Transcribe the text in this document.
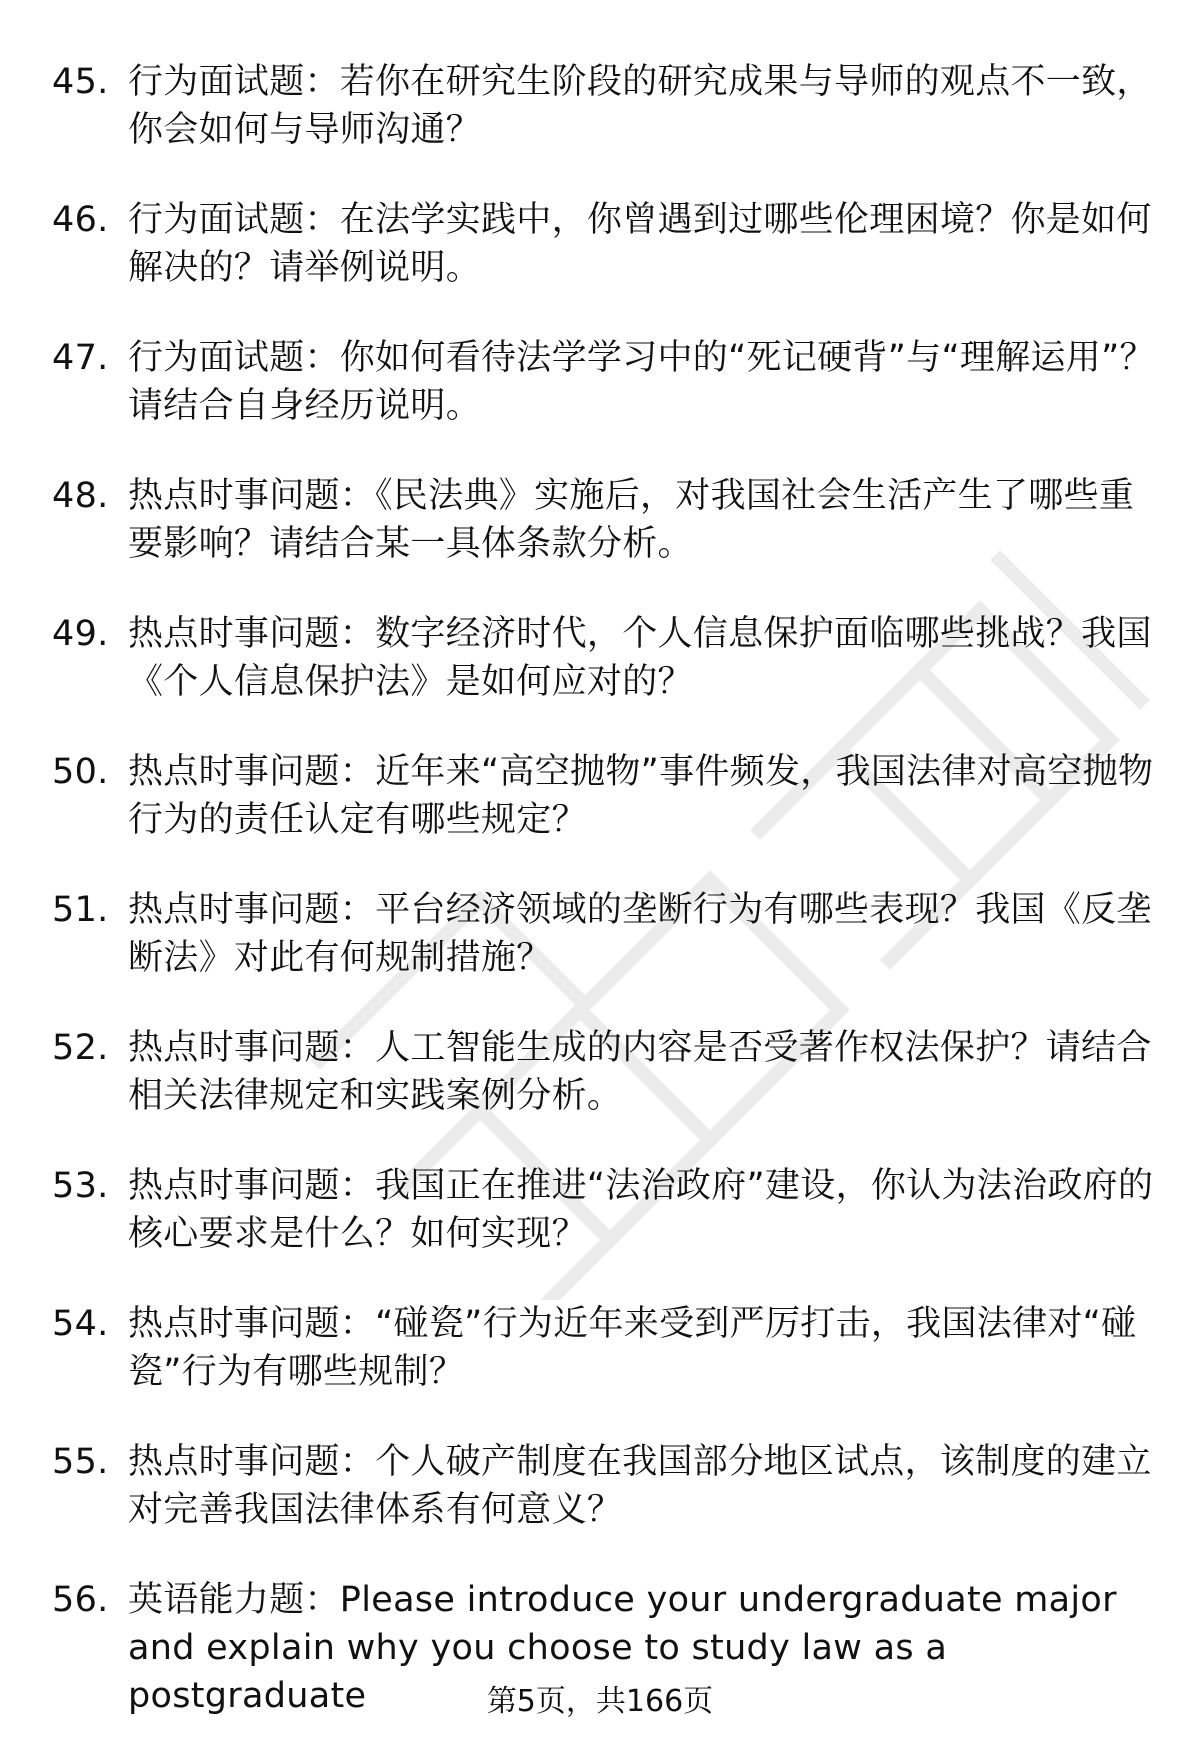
45. 行为面试题：若你在研究生阶段的研究成果与导师的观点不一致，你会如何与导师沟通？
46. 行为面试题：在法学实践中，你曾遇到过哪些伦理困境？你是如何解决的？请举例说明。
47. 行为面试题：你如何看待法学学习中的“死记硬背”与“理解运用”？请结合自身经历说明。
48. 热点时事问题：《民法典》实施后，对我国社会生活产生了哪些重要影响？请结合某一具体条款分析。
49. 热点时事问题：数字经济时代，个人信息保护面临哪些挑战？我国《个人信息保护法》是如何应对的？
50. 热点时事问题：近年来“高空抛物”事件频发，我国法律对高空抛物行为的责任认定有哪些规定？
51. 热点时事问题：平台经济领域的垄断行为有哪些表现？我国《反垄断法》对此有何规制措施？
52. 热点时事问题：人工智能生成的内容是否受著作权法保护？请结合相关法律规定和实践案例分析。
53. 热点时事问题：我国正在推进“法治政府”建设，你认为法治政府的核心要求是什么？如何实现？
54. 热点时事问题：“碰瓷”行为近年来受到严厉打击，我国法律对“碰瓷”行为有哪些规制？
55. 热点时事问题：个人破产制度在我国部分地区试点，该制度的建立对完善我国法律体系有何意义？
56. 英语能力题：Please introduce your undergraduate major and explain why you choose to study law as a postgraduate	第5页，共166页
